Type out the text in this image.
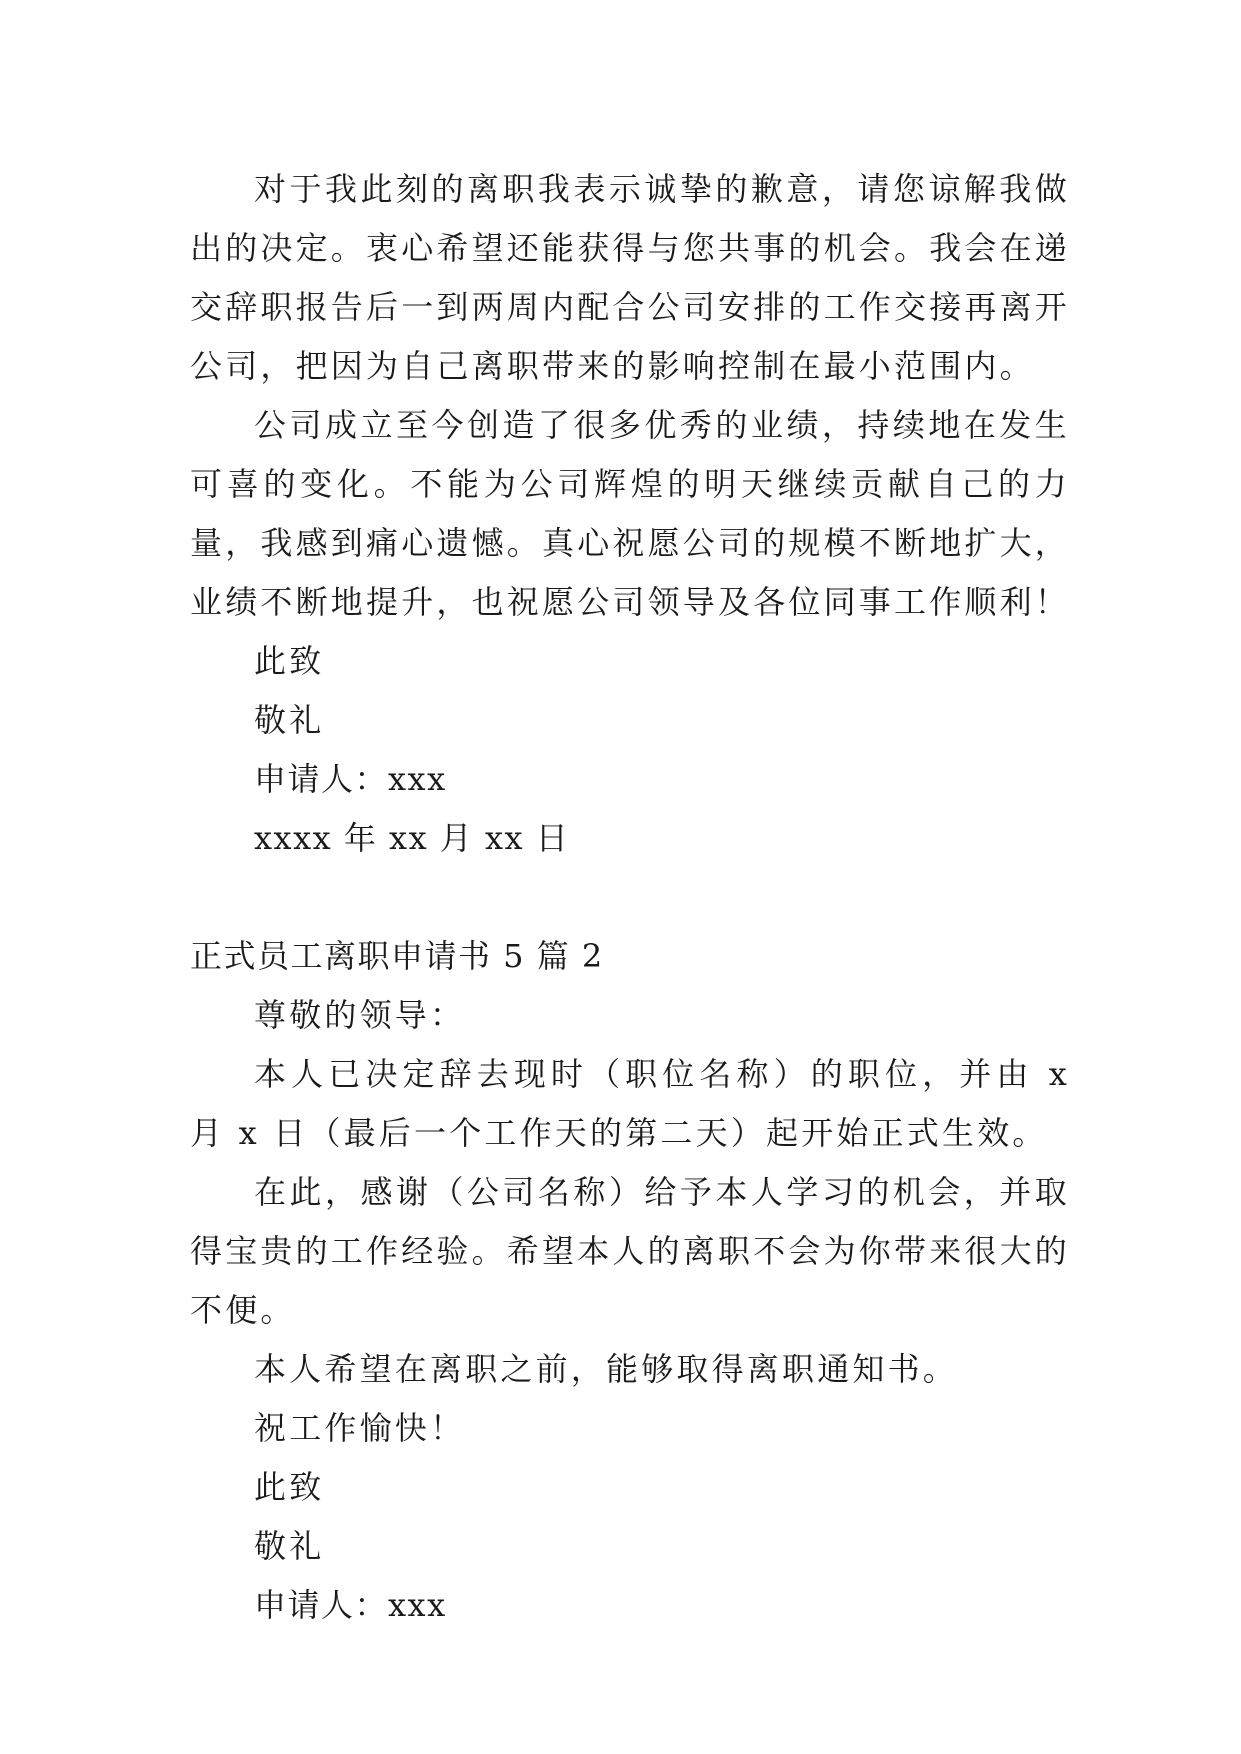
对于我此刻的离职我表示诚挚的歉意，请您谅解我做出的决定。衷心希望还能获得与您共事的机会。我会在递交辞职报告后一到两周内配合公司安排的工作交接再离开公司，把因为自己离职带来的影响控制在最小范围内。

公司成立至今创造了很多优秀的业绩，持续地在发生可喜的变化。不能为公司辉煌的明天继续贡献自己的力量，我感到痛心遗憾。真心祝愿公司的规模不断地扩大，业绩不断地提升，也祝愿公司领导及各位同事工作顺利！

此致

敬礼

申请人：xxx

xxxx 年 xx 月 xx 日

正式员工离职申请书 5 篇 2

尊敬的领导：

本人已决定辞去现时（职位名称）的职位，并由 x 月 x 日（最后一个工作天的第二天）起开始正式生效。

在此，感谢（公司名称）给予本人学习的机会，并取得宝贵的工作经验。希望本人的离职不会为你带来很大的不便。

本人希望在离职之前，能够取得离职通知书。

祝工作愉快！

此致

敬礼

申请人：xxx
